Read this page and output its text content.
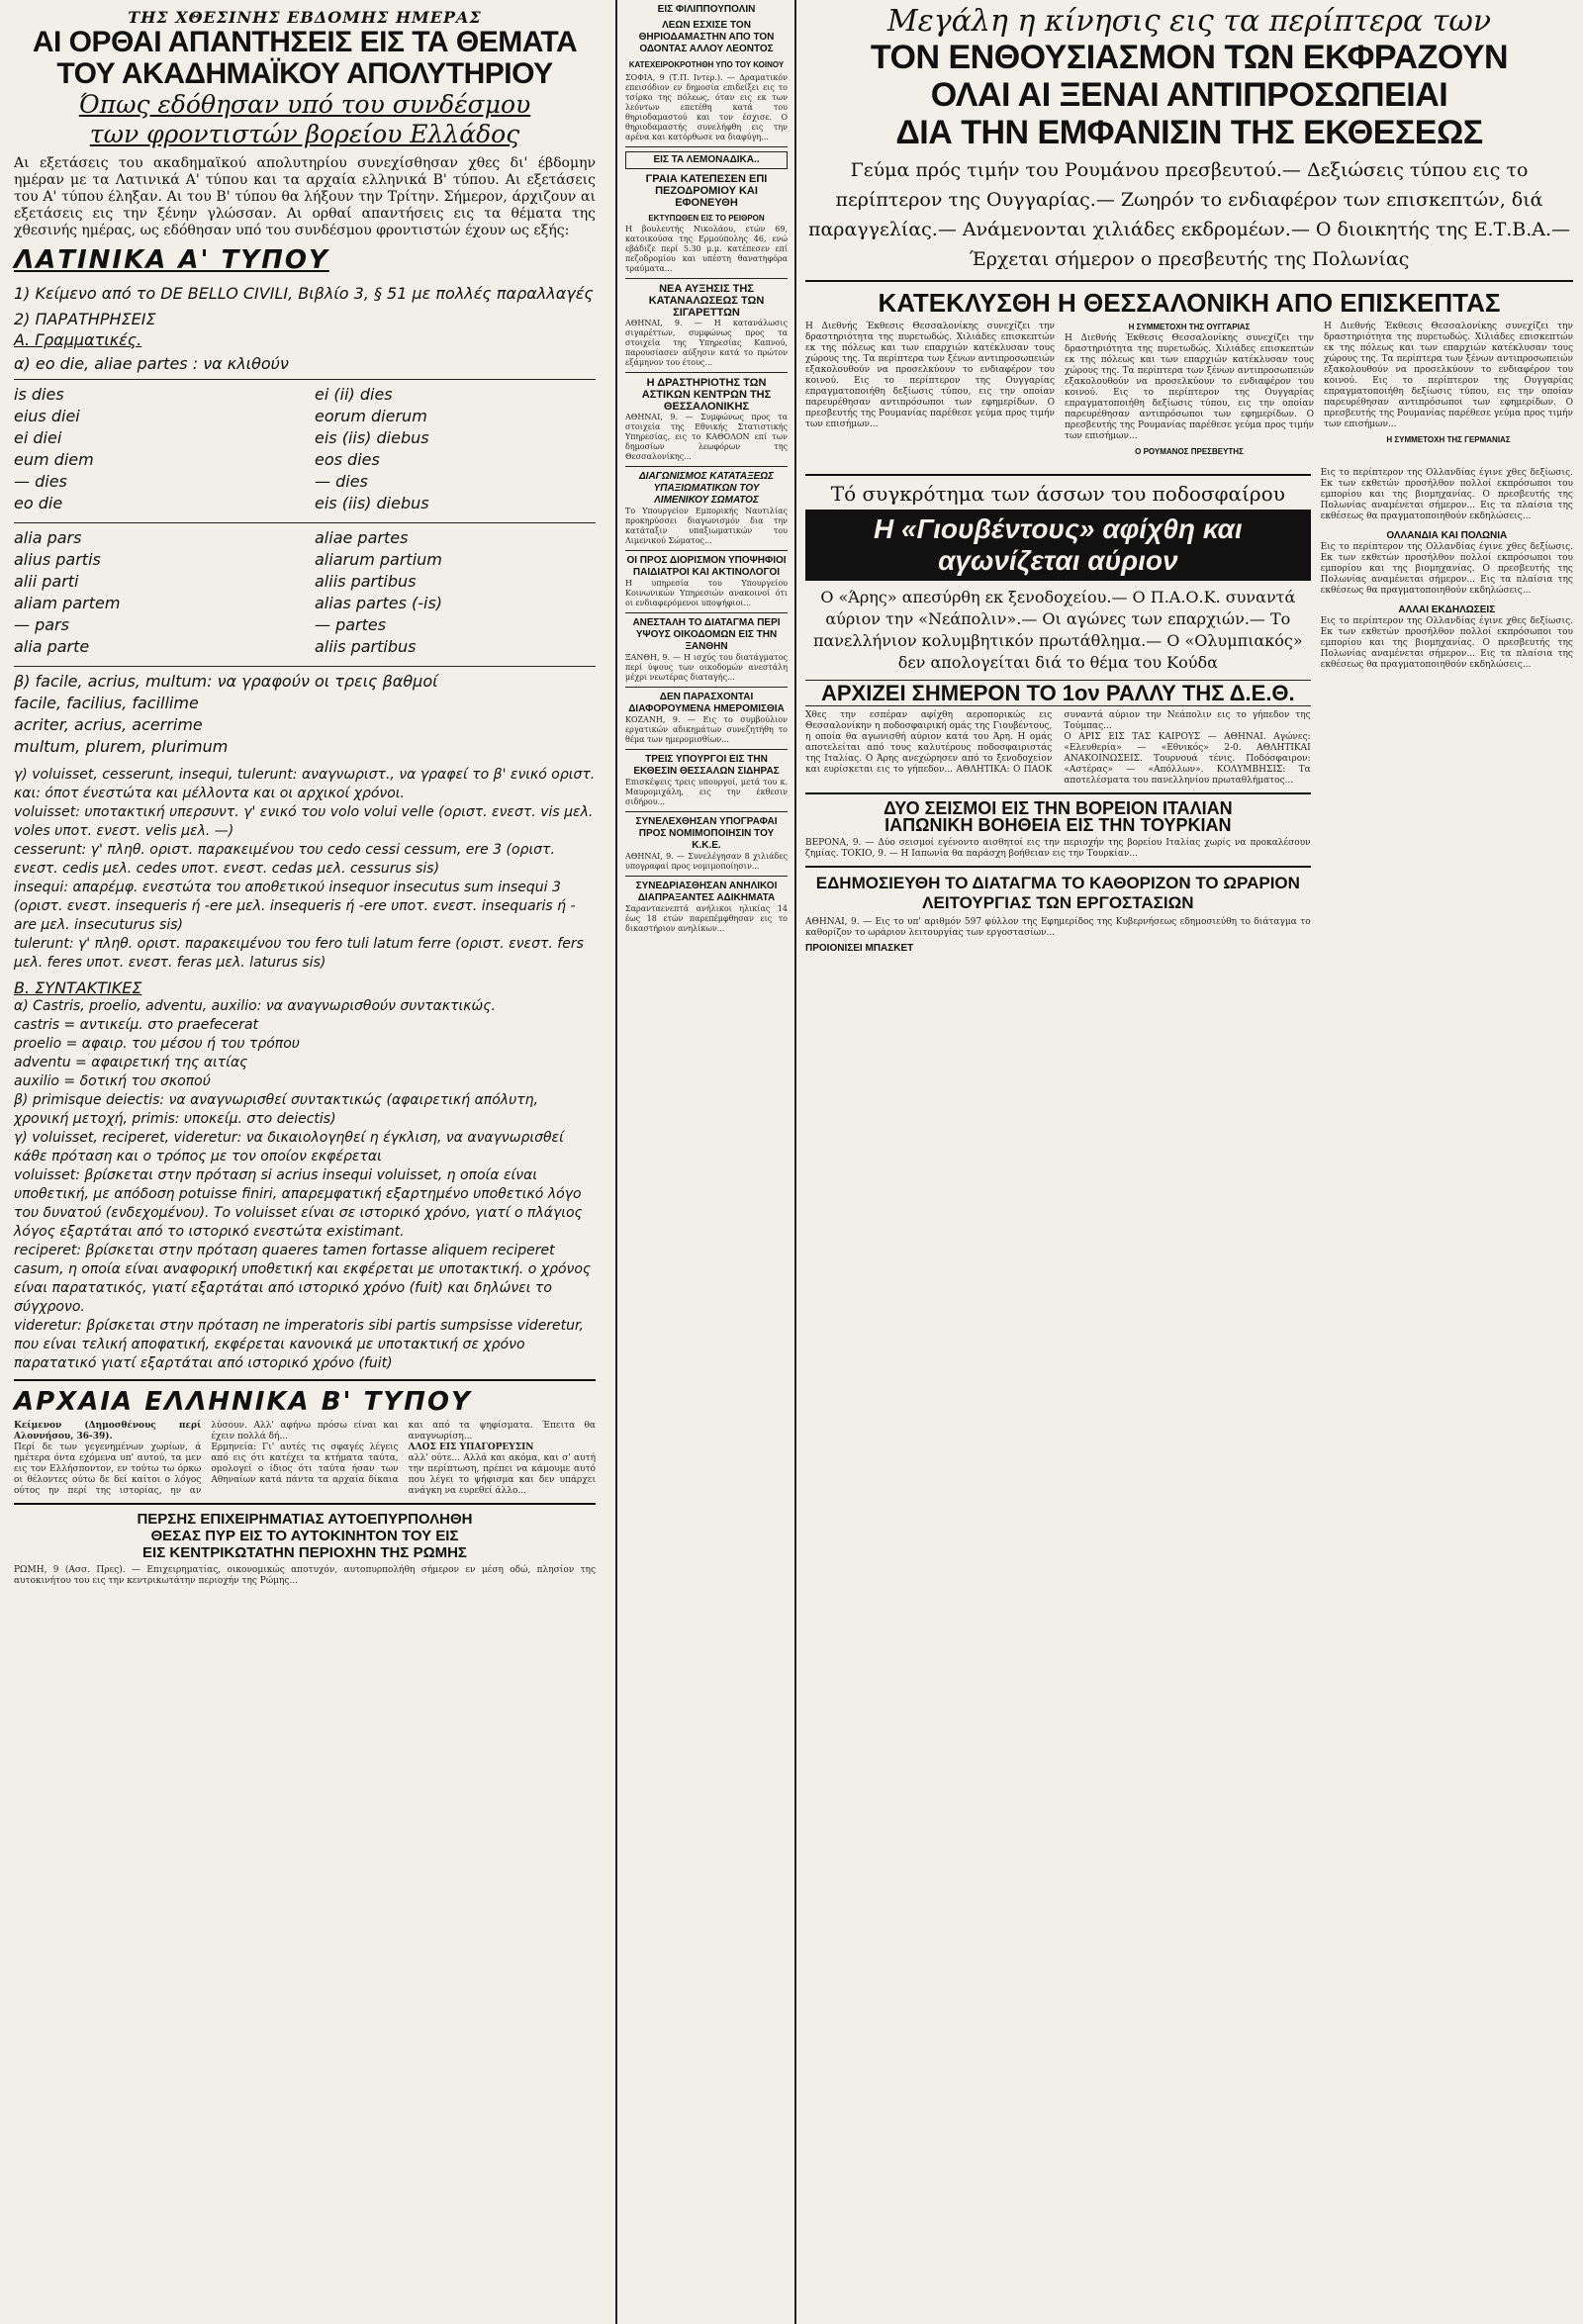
ΤΗΣ ΧΘΕΣΙΝΗΣ ΕΒΔΟΜΗΣ ΗΜΕΡΑΣ
ΑΙ ΟΡΘΑΙ ΑΠΑΝΤΗΣΕΙΣ ΕΙΣ ΤΑ ΘΕΜΑΤΑ
ΤΟΥ ΑΚΑΔΗΜΑΪΚΟΥ ΑΠΟΛΥΤΗΡΙΟΥ
Όπως εδόθησαν υπό του συνδέσμου
των φροντιστών βορείου Ελλάδος
Αι εξετάσεις του ακαδημαϊκού απολυτηρίου συνεχίσθησαν χθες δι' έβδομην ημέραν με τα Λατινικά Α' τύπου και τα αρχαία ελληνικά Β' τύπου. Αι εξετάσεις του Α' τύπου έληξαν. Αι του Β' τύπου θα λήξουν την Τρίτην. Σήμερον, άρχιζουν αι εξετάσεις εις την ξένην γλώσσαν. Αι ορθαί απαντήσεις εις τα θέματα της χθεσινής ημέρας, ως εδόθησαν υπό του συνδέσμου φροντιστών έχουν ως εξής:
ΛΑΤΙΝΙΚΑ Α' ΤΥΠΟΥ
1) Κείμενο από το DE BELLO CIVILI, Βιβλίο 3, § 51 με πολλές παραλλαγές
2) ΠΑΡΑΤΗΡΗΣΕΙΣ
Α. Γραμματικές.
α) eo die, aliae partes : να κλιθούν
is dies
eius diei
ei diei
eum diem
— dies
eo die
ei (ii) dies
eorum dierum
eis (iis) diebus
eos dies
— dies
eis (iis) diebus
alia pars
alius partis
alii parti
aliam partem
— pars
alia parte
aliae partes
aliarum partium
aliis partibus
alias partes (-is)
— partes
aliis partibus
β) facile, acrius, multum: να γραφούν οι τρεις βαθμοί
facile, facilius, facillime
acriter, acrius, acerrime
multum, plurem, plurimum
γ) voluisset, cesserunt, insequi, tulerunt: αναγνωριστ., να γραφεί το β' ενικό οριστ. και: όποτ ένεστώτα και μέλλοντα και οι αρχικοί χρόνοι.
voluisset: υποτακτική υπερσυντ. γ' ενικό του volo volui velle (οριστ. ενεστ. vis μελ. voles υποτ. ενεστ. velis μελ. —)
cesserunt: γ' πληθ. οριστ. παρακειμένου του cedo cessi cessum, ere 3 (οριστ. ενεστ. cedis μελ. cedes υποτ. ενεστ. cedas μελ. cessurus sis)
insequi: απαρέμφ. ενεστώτα του αποθετικού insequor insecutus sum insequi 3 (οριστ. ενεστ. insequeris ή -ere μελ. insequeris ή -ere υποτ. ενεστ. insequaris ή -are μελ. insecuturus sis)
tulerunt: γ' πληθ. οριστ. παρακειμένου του fero tuli latum ferre (οριστ. ενεστ. fers μελ. feres υποτ. ενεστ. feras μελ. laturus sis)
Β. ΣΥΝΤΑΚΤΙΚΕΣ
α) Castris, proelio, adventu, auxilio: να αναγνωρισθούν συντακτικώς.
castris = αντικείμ. στο praefecerat
proelio = αφαιρ. του μέσου ή του τρόπου
adventu = αφαιρετική της αιτίας
auxilio = δοτική του σκοπού
β) primisque deiectis: να αναγνωρισθεί συντακτικώς (αφαιρετική απόλυτη, χρονική μετοχή, primis: υποκείμ. στο deiectis)
γ) voluisset, reciperet, videretur: να δικαιολογηθεί η έγκλιση, να αναγνωρισθεί κάθε πρόταση και ο τρόπος με τον οποίον εκφέρεται
voluisset: βρίσκεται στην πρόταση si acrius insequi voluisset, η οποία είναι υποθετική, με απόδοση potuisse finiri, απαρεμφατική εξαρτημένο υποθετικό λόγο του δυνατού (ενδεχομένου). Το voluisset είναι σε ιστορικό χρόνο, γιατί ο πλάγιος λόγος εξαρτάται από το ιστορικό ενεστώτα existimant.
reciperet: βρίσκεται στην πρόταση quaeres tamen fortasse aliquem reciperet casum, η οποία είναι αναφορική υποθετική και εκφέρεται με υποτακτική. ο χρόνος είναι παρατατικός, γιατί εξαρτάται από ιστορικό χρόνο (fuit) και δηλώνει το σύγχρονο.
videretur: βρίσκεται στην πρόταση ne imperatoris sibi partis sumpsisse videretur, που είναι τελική αποφατική, εκφέρεται κανονικά με υποτακτική σε χρόνο παρατατικό γιατί εξαρτάται από ιστορικό χρόνο (fuit)
ΑΡΧΑΙΑ ΕΛΛΗΝΙΚΑ Β' ΤΥΠΟΥ
Κείμενον (Δημοσθένους περί Αλοννήσου, 36-39).
Περί δε των γεγενημένων χωρίων, ά ημέτερα όντα εχόμενα υπ' αυτού, τα μεν εις τον Ελλήσποντον, εν τούτω τω όρκω οι θέλοντες ούτω δε δεί καίτοι ο λόγος ούτος ην περί της ιστορίας, ην αν λύσουν. Αλλ' αφήνω πρόσω είναι και έχειν πολλά δή...
Ερμηνεία: Γι' αυτές τις σφαγές λέγεις από εις ότι κατέχει τα κτήματα ταύτα, ομολογεί ο ίδιος ότι ταύτα ήσαν των Αθηναίων κατά πάντα τα αρχαία δίκαια και από τα ψηφίσματα. Έπειτα θα αναγνωρίση...
ΛΛΟΣ ΕΙΣ ΥΠΑΓΟΡΕΥΣΙΝ
αλλ' ούτε... Αλλά και ακόμα, και σ' αυτή την περίπτωση, πρέπει να κάμουμε αυτό που λέγει το ψήφισμα και δεν υπάρχει ανάγκη να ευρεθεί άλλο...
ΠΕΡΣΗΣ ΕΠΙΧΕΙΡΗΜΑΤΙΑΣ ΑΥΤΟΕΠΥΡΠΟΛΗΘΗ
ΘΕΣΑΣ ΠΥΡ ΕΙΣ ΤΟ ΑΥΤΟΚΙΝΗΤΟΝ ΤΟΥ ΕΙΣ
ΕΙΣ ΚΕΝΤΡΙΚΩΤΑΤΗΝ ΠΕΡΙΟΧΗΝ ΤΗΣ ΡΩΜΗΣ
ΡΩΜΗ, 9 (Ασσ. Πρες). — Επιχειρηματίας, οικονομικώς αποτυχόν, αυτοπυρπολήθη σήμερον εν μέση οδώ, πλησίον της αυτοκινήτου του εις την κεντρικωτάτην περιοχήν της Ρώμης...
ΕΙΣ ΦΙΛΙΠΠΟΥΠΟΛΙΝ
ΛΕΩΝ ΕΣΧΙΣΕ ΤΟΝ ΘΗΡΙΟΔΑΜΑΣΤΗΝ ΑΠΟ ΤΟΝ ΟΔΟΝΤΑΣ ΑΛΛΟΥ ΛΕΟΝΤΟΣ
ΚΑΤΕΧΕΙΡΟΚΡΟΤΗΘΗ ΥΠΟ ΤΟΥ ΚΟΙΝΟΥ
ΣΟΦΙΑ, 9 (Τ.Π. Ιντερ.). — Δραματικόν επεισόδιον εν δημοσία επιδείξει εις το τσίρκο της πόλεως, όταν εις εκ των λεόντων επετέθη κατά του θηριοδαμαστού και τον έσχισε. Ο θηριοδαμαστής συνελήφθη εις την αρένα και κατόρθωσε να διαφύγη...
ΕΙΣ ΤΑ ΛΕΜΟΝΑΔΙΚΑ..
ΓΡΑΙΑ ΚΑΤΕΠΕΣΕΝ ΕΠΙ ΠΕΖΟΔΡΟΜΙΟΥ ΚΑΙ ΕΦΟΝΕΥΘΗ
ΕΚΤΥΠΩΘΕΝ ΕΙΣ ΤΟ ΡΕΙΘΡΟΝ
Η βουλευτής Νικολάου, ετών 69, κατοικούσα της Ερμούπολης 46, ενώ εβάδιζε περί 5.30 μ.μ. κατέπεσεν επί πεζοδρομίου και υπέστη θανατηφόρα τραύματα...
ΝΕΑ ΑΥΞΗΣΙΣ ΤΗΣ ΚΑΤΑΝΑΛΩΣΕΩΣ ΤΩΝ ΣΙΓΑΡΕΤΤΩΝ
ΑΘΗΝΑΙ, 9. — Η κατανάλωσις σιγαρέττων, συμφώνως προς τα στοιχεία της Υπηρεσίας Καπνού, παρουσίασεν αύξησιν κατά το πρώτον εξάμηνον του έτους...
Η ΔΡΑΣΤΗΡΙΟΤΗΣ ΤΩΝ ΑΣΤΙΚΩΝ ΚΕΝΤΡΩΝ ΤΗΣ ΘΕΣΣΑΛΟΝΙΚΗΣ
ΑΘΗΝΑΙ, 9. — Συμφώνως προς τα στοιχεία της Εθνικής Στατιστικής Υπηρεσίας, εις το ΚΑΘΟΛΟΝ επί των δημοσίων λεωφόρων της Θεσσαλονίκης...
ΔΙΑΓΩΝΙΣΜΟΣ ΚΑΤΑΤΑΞΕΩΣ ΥΠΑΞΙΩΜΑΤΙΚΩΝ ΤΟΥ ΛΙΜΕΝΙΚΟΥ ΣΩΜΑΤΟΣ
Το Υπουργείον Εμπορικής Ναυτιλίας προκηρύσσει διαγωνισμόν δια την κατάταξιν υπαξιωματικών του Λιμενικού Σώματος...
ΟΙ ΠΡΟΣ ΔΙΟΡΙΣΜΟΝ ΥΠΟΨΗΦΙΟΙ ΠΑΙΔΙΑΤΡΟΙ ΚΑΙ ΑΚΤΙΝΟΛΟΓΟΙ
Η υπηρεσία του Υπουργείου Κοινωνικών Υπηρεσιών ανακοινοί ότι οι ενδιαφερόμενοι υποψήφιοι...
ΑΝΕΣΤΑΛΗ ΤΟ ΔΙΑΤΑΓΜΑ ΠΕΡΙ ΥΨΟΥΣ ΟΙΚΟΔΟΜΩΝ ΕΙΣ ΤΗΝ ΞΑΝΘΗΝ
ΞΑΝΘΗ, 9. — Η ισχύς του διατάγματος περί ύψους των οικοδομών ανεστάλη μέχρι νεωτέρας διαταγής...
ΔΕΝ ΠΑΡΑΣΧΟΝΤΑΙ ΔΙΑΦΟΡΟΥΜΕΝΑ ΗΜΕΡΟΜΙΣΘΙΑ
ΚΟΖΑΝΗ, 9. — Εις το συμβούλιον εργατικών αδικημάτων συνεζητήθη το θέμα των ημερομισθίων...
ΤΡΕΙΣ ΥΠΟΥΡΓΟΙ ΕΙΣ ΤΗΝ ΕΚΘΕΣΙΝ ΘΕΣΣΑΛΩΝ ΣΙΔΗΡΑΣ
Επισκέψεις τρεις υπουργοί, μετά του κ. Μαυρομιχάλη, εις την έκθεσιν σιδήρου...
ΣΥΝΕΛΕΧΘΗΣΑΝ ΥΠΟΓΡΑΦΑΙ ΠΡΟΣ ΝΟΜΙΜΟΠΟΙΗΣΙΝ ΤΟΥ Κ.Κ.Ε.
ΑΘΗΝΑΙ, 9. — Συνελέγησαν 8 χιλιάδες υπογραφαί προς νομιμοποίησιν...
ΣΥΝΕΔΡΙΑΣΘΗΣΑΝ ΑΝΗΛΙΚΟΙ ΔΙΑΠΡΑΞΑΝΤΕΣ ΑΔΙΚΗΜΑΤΑ
Σαρανταενεπτά ανήλικοι ηλικίας 14 έως 18 ετών παρεπέμφθησαν εις το δικαστήριον ανηλίκων...
Μεγάλη η κίνησις εις τα περίπτερα των
ΤΟΝ ΕΝΘΟΥΣΙΑΣΜΟΝ ΤΩΝ ΕΚΦΡΑΖΟΥΝ
ΟΛΑΙ ΑΙ ΞΕΝΑΙ ΑΝΤΙΠΡΟΣΩΠΕΙΑΙ
ΔΙΑ ΤΗΝ ΕΜΦΑΝΙΣΙΝ ΤΗΣ ΕΚΘΕΣΕΩΣ
Γεύμα πρός τιμήν του Ρουμάνου πρεσβευτού.— Δεξιώσεις τύπου εις το περίπτερον της Ουγγαρίας.— Ζωηρόν το ενδιαφέρον των επισκεπτών, διά παραγγελίας.— Ανάμενονται χιλιάδες εκδρομέων.— Ο διοικητής της Ε.Τ.Β.Α.— Έρχεται σήμερον ο πρεσβευτής της Πολωνίας
ΚΑΤΕΚΛΥΣΘΗ Η ΘΕΣΣΑΛΟΝΙΚΗ ΑΠΟ ΕΠΙΣΚΕΠΤΑΣ
Η Διεθνής Έκθεσις Θεσσαλονίκης συνεχίζει την δραστηριότητα της πυρετωδώς. Χιλιάδες επισκεπτών εκ της πόλεως και των επαρχιών κατέκλυσαν τους χώρους της. Τα περίπτερα των ξένων αντιπροσωπειών εξακολουθούν να προσελκύουν το ενδιαφέρον του κοινού. Εις το περίπτερον της Ουγγαρίας επραγματοποιήθη δεξίωσις τύπου, εις την οποίαν παρευρέθησαν αντιπρόσωποι των εφημερίδων. Ο πρεσβευτής της Ρουμανίας παρέθεσε γεύμα προς τιμήν των επισήμων...
Η ΣΥΜΜΕΤΟΧΗ ΤΗΣ ΟΥΓΓΑΡΙΑΣ
Η Διεθνής Έκθεσις Θεσσαλονίκης συνεχίζει την δραστηριότητα της πυρετωδώς. Χιλιάδες επισκεπτών εκ της πόλεως και των επαρχιών κατέκλυσαν τους χώρους της. Τα περίπτερα των ξένων αντιπροσωπειών εξακολουθούν να προσελκύουν το ενδιαφέρον του κοινού. Εις το περίπτερον της Ουγγαρίας επραγματοποιήθη δεξίωσις τύπου, εις την οποίαν παρευρέθησαν αντιπρόσωποι των εφημερίδων. Ο πρεσβευτής της Ρουμανίας παρέθεσε γεύμα προς τιμήν των επισήμων...
Ο ΡΟΥΜΑΝΟΣ ΠΡΕΣΒΕΥΤΗΣ
Η Διεθνής Έκθεσις Θεσσαλονίκης συνεχίζει την δραστηριότητα της πυρετωδώς. Χιλιάδες επισκεπτών εκ της πόλεως και των επαρχιών κατέκλυσαν τους χώρους της. Τα περίπτερα των ξένων αντιπροσωπειών εξακολουθούν να προσελκύουν το ενδιαφέρον του κοινού. Εις το περίπτερον της Ουγγαρίας επραγματοποιήθη δεξίωσις τύπου, εις την οποίαν παρευρέθησαν αντιπρόσωποι των εφημερίδων. Ο πρεσβευτής της Ρουμανίας παρέθεσε γεύμα προς τιμήν των επισήμων...
Η ΣΥΜΜΕΤΟΧΗ ΤΗΣ ΓΕΡΜΑΝΙΑΣ
Τό συγκρότημα των άσσων του ποδοσφαίρου
Η «Γιουβέντους» αφίχθη και αγωνίζεται αύριον
Ο «Άρης» απεσύρθη εκ ξενοδοχείου.— Ο Π.Α.Ο.Κ. συναντά αύριον την «Νεάπολιν».— Οι αγώνες των επαρχιών.— Το πανελλήνιον κολυμβητικόν πρωτάθλημα.— Ο «Ολυμπιακός» δεν απολογείται διά το θέμα του Κούδα
ΑΡΧΙΖΕΙ ΣΗΜΕΡΟΝ ΤΟ 1ον ΡΑΛΛΥ ΤΗΣ Δ.Ε.Θ.
Χθες την εσπέραν αφίχθη αεροπορικώς εις Θεσσαλονίκην η ποδοσφαιρική ομάς της Γιουβέντους, η οποία θα αγωνισθή αύριον κατά του Άρη. Η ομάς αποτελείται από τους καλυτέρους ποδοσφαιριστάς της Ιταλίας. Ο Άρης ανεχώρησεν από το ξενοδοχείον και ευρίσκεται εις το γήπεδον... ΑΘΛΗΤΙΚΑ: Ο ΠΑΟΚ συναντά αύριον την Νεάπολιν εις το γήπεδον της Τούμπας...
Ο ΑΡΙΣ ΕΙΣ ΤΑΣ ΚΑΙΡΟΥΣ — ΑΘΗΝΑΙ. Αγώνες: «Ελευθερία» — «Εθνικός» 2-0. ΑΘΛΗΤΙΚΑΙ ΑΝΑΚΟΙΝΩΣΕΙΣ. Τουρνουά τένις. Ποδόσφαιρον: «Αστέρας» — «Απόλλων». ΚΟΛΥΜΒΗΣΙΣ: Τα αποτελέσματα του πανελληνίου πρωταθλήματος...
ΔΥΟ ΣΕΙΣΜΟΙ ΕΙΣ ΤΗΝ ΒΟΡΕΙΟΝ ΙΤΑΛΙΑΝ
ΙΑΠΩΝΙΚΗ ΒΟΗΘΕΙΑ ΕΙΣ ΤΗΝ ΤΟΥΡΚΙΑΝ
ΒΕΡΟΝΑ, 9. — Δύο σεισμοί εγένοντο αισθητοί εις την περιοχήν της βορείου Ιταλίας χωρίς να προκαλέσουν ζημίας. ΤΟΚΙΟ, 9. — Η Ιαπωνία θα παράσχη βοήθειαν εις την Τουρκίαν...
ΕΔΗΜΟΣΙΕΥΘΗ ΤΟ ΔΙΑΤΑΓΜΑ ΤΟ ΚΑΘΟΡΙΖΟΝ ΤΟ ΩΡΑΡΙΟΝ ΛΕΙΤΟΥΡΓΙΑΣ ΤΩΝ ΕΡΓΟΣΤΑΣΙΩΝ
ΑΘΗΝΑΙ, 9. — Εις το υπ' αριθμόν 597 φύλλον της Εφημερίδος της Κυβερνήσεως εδημοσιεύθη το διάταγμα το καθορίζον το ωράριον λειτουργίας των εργοστασίων...
ΠΡΟΙΟΝΙΣΕΙ ΜΠΑΣΚΕΤ
Εις το περίπτερον της Ολλανδίας έγινε χθες δεξίωσις. Εκ των εκθετών προσήλθον πολλοί εκπρόσωποι του εμπορίου και της βιομηχανίας. Ο πρεσβευτής της Πολωνίας αναμένεται σήμερον... Εις τα πλαίσια της εκθέσεως θα πραγματοποιηθούν εκδηλώσεις...
ΟΛΛΑΝΔΙΑ ΚΑΙ ΠΟΛΩΝΙΑ
Εις το περίπτερον της Ολλανδίας έγινε χθες δεξίωσις. Εκ των εκθετών προσήλθον πολλοί εκπρόσωποι του εμπορίου και της βιομηχανίας. Ο πρεσβευτής της Πολωνίας αναμένεται σήμερον... Εις τα πλαίσια της εκθέσεως θα πραγματοποιηθούν εκδηλώσεις...
ΑΛΛΑΙ ΕΚΔΗΛΩΣΕΙΣ
Εις το περίπτερον της Ολλανδίας έγινε χθες δεξίωσις. Εκ των εκθετών προσήλθον πολλοί εκπρόσωποι του εμπορίου και της βιομηχανίας. Ο πρεσβευτής της Πολωνίας αναμένεται σήμερον... Εις τα πλαίσια της εκθέσεως θα πραγματοποιηθούν εκδηλώσεις...
